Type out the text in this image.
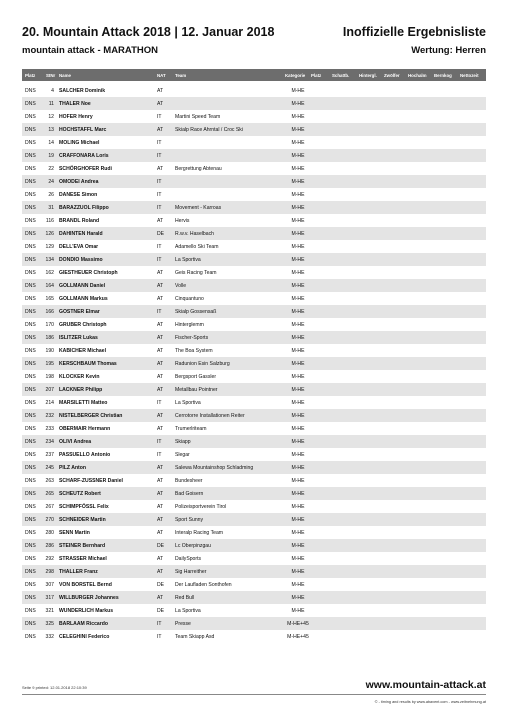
20. Mountain Attack 2018 | 12. Januar 2018	Inoffizielle Ergebnisliste
mountain attack - MARATHON	Wertung: Herren
Platz StNr Name	NAT Team	Kategorie Platz Schattb. Hintergl. Zwölfer Hochalm Bernkog Nettozeit
DNS	4 SALCHER Dominik	AT	M-HE
DNS	11 THALER Noe	AT	M-HE
DNS	12 HOFER Henry	IT	Martini Speed Team	M-HE
DNS	13 HOCHSTAFFL Marc	AT Skialp Race Ahrntal / Croc Ski	M-HE
DNS	14 MOLING Michael	IT	M-HE
DNS	19 CRAFFONARA Loris	IT	M-HE
DNS	22 SCHÖRGHOFER Rudi	AT Bergrettung Abtenau	M-HE
DNS	24 OMODEI Andrea	IT	M-HE
DNS	26 DANESE Simon	IT	M-HE
DNS	31 BARAZZUOL Filippo	IT	Movement - Karroas	M-HE
DNS	116 BRANDL Roland	AT Hervis	M-HE
DNS	126 DAHINTEN Harald	DE R.w.v. Haselbach	M-HE
DNS	129 DELL'EVA Omar	IT	Adamello Ski Team	M-HE
DNS	134 DONDIO Massimo	IT	La Sportiva	M-HE
DNS	162 GIESTHEUER Christoph	AT Geis Racing Team	M-HE
DNS	164 GOLLMANN Daniel	AT Volle	M-HE
DNS	165 GOLLMANN Markus	AT Cinquantuno	M-HE
DNS	166 GOSTNER Elmar	IT	Skialp Gossensaß	M-HE
DNS	170 GRUBER Christoph	AT Hinterglemm	M-HE
DNS	186 ISLITZER Lukas	AT Fischer-Sports	M-HE
DNS	190 KABICHER Michael	AT The Boa System	M-HE
DNS	195 KERSCHBAUM Thomas	AT Radunion Esin Salzburg	M-HE
DNS	198 KLOCKER Kevin	AT Bergsport Gassler	M-HE
DNS	207 LACKNER Philipp	AT Metallbau Pointner	M-HE
DNS	214 MARSILETTI Matteo	IT	La Sportiva	M-HE
DNS	232 NISTELBERGER Christian	AT Cerrotorre Installationen Reiter	M-HE
DNS	233 OBERMAIR Hermann	AT Trumerlriteam	M-HE
DNS	234 OLIVI Andrea	IT	Skiapp	M-HE
DNS	237 PASSUELLO Antonio	IT	Slegar	M-HE
DNS	245 PILZ Anton	AT Salewa Mountainshop Schladming	M-HE
DNS	263 SCHARF-ZUSSNER Daniel	AT Bundesheer	M-HE
DNS	265 SCHEUTZ Robert	AT Bad Goisern	M-HE
DNS	267 SCHIMPFÖSSL Felix	AT Polizeisportverein Tirol	M-HE
DNS	270 SCHNEIDER Martin	AT Sport Sunny	M-HE
DNS	280 SENN Martin	AT Interalp Racing Team	M-HE
DNS	286 STEINER Bernhard	DE Lc Oberpinzgau	M-HE
DNS	292 STRASSER Michael	AT DailySports	M-HE
DNS	298 THALLER Franz	AT Sig Harreither	M-HE
DNS	307 VON BORSTEL Bernd	DE Der Laufladen Sonthofen	M-HE
DNS	317 WILLBURGER Johannes	AT Red Bull	M-HE
DNS	321 WUNDERLICH Markus	DE La Sportiva	M-HE
DNS	325 BARLAAM Riccardo	IT	Presse	M-HE+45
DNS	332 CELEGHINI Federico	IT	Team Skiapp Asd	M-HE+45
Seite 9 printed: 12.01.2018 22:10:39	www.mountain-attack.at
© - timing and results by www.abavent.com - www.zeitnehmung.at
